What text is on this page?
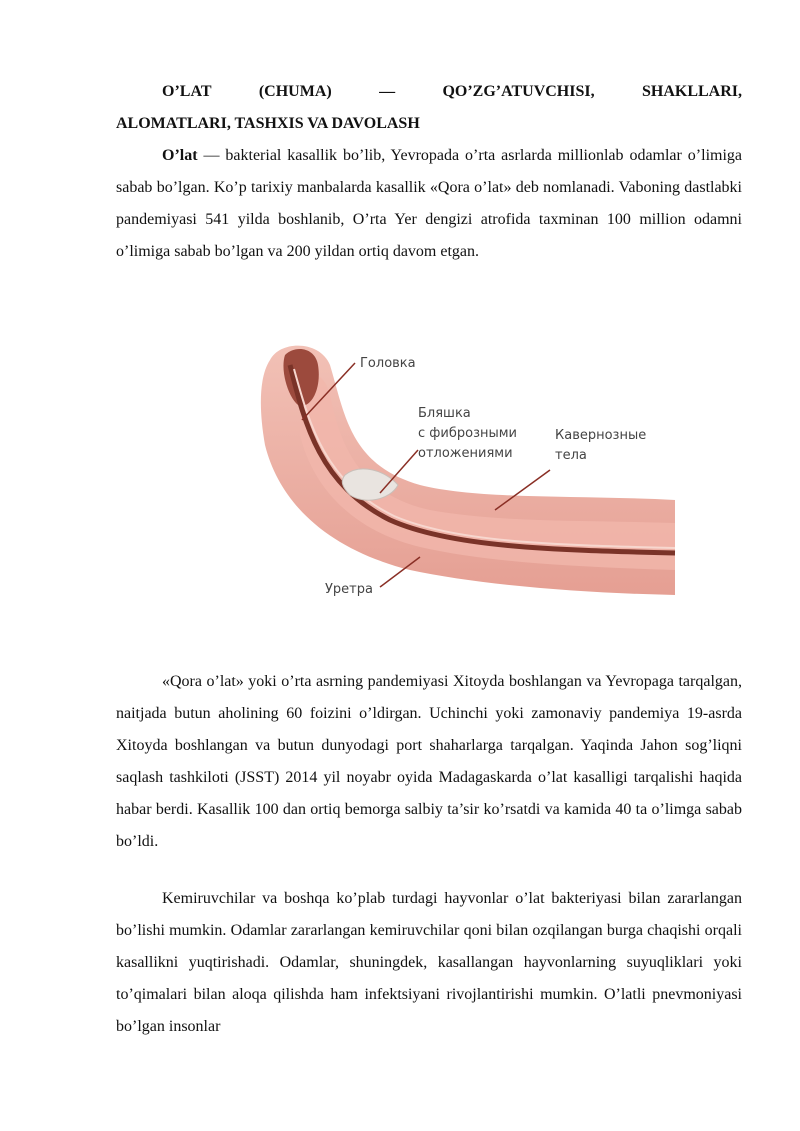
O’LAT	(CHUMA)	—	QO’ZG’ATUVCHISI,	SHAKLLARI,
ALOMATLARI, TASHXIS VA DAVOLASH

O’lat — bakterial kasallik bo’lib, Yevropada o’rta asrlarda millionlab odamlar o’limiga sabab bo’lgan. Ko’p tarixiy manbalarda kasallik «Qora o’lat» deb nomlanadi. Vaboning dastlabki pandemiyasi 541 yilda boshlanib, O’rta Yer dengizi atrofida taxminan 100 million odamni o’limiga sabab bo’lgan va 200 yildan ortiq davom etgan.

Головка
Бляшка
с фиброзными
отложениями
Кавернозные
тела
Уретра

«Qora o’lat» yoki o’rta asrning pandemiyasi Xitoyda boshlangan va Yevropaga tarqalgan, naitjada butun aholining 60 foizini o’ldirgan. Uchinchi yoki zamonaviy pandemiya 19-asrda Xitoyda boshlangan va butun dunyodagi port shaharlarga tarqalgan. Yaqinda Jahon sog’liqni saqlash tashkiloti (JSST) 2014 yil noyabr oyida Madagaskarda o’lat kasalligi tarqalishi haqida habar berdi. Kasallik 100 dan ortiq bemorga salbiy ta’sir ko’rsatdi va kamida 40 ta o’limga sabab bo’ldi.

Kemiruvchilar va boshqa ko’plab turdagi hayvonlar o’lat bakteriyasi bilan zararlangan bo’lishi mumkin. Odamlar zararlangan kemiruvchilar qoni bilan ozqilangan burga chaqishi orqali kasallikni yuqtirishadi. Odamlar, shuningdek, kasallangan hayvonlarning suyuqliklari yoki to’qimalari bilan aloqa qilishda ham infektsiyani rivojlantirishi mumkin. O’latli pnevmoniyasi bo’lgan insonlar
